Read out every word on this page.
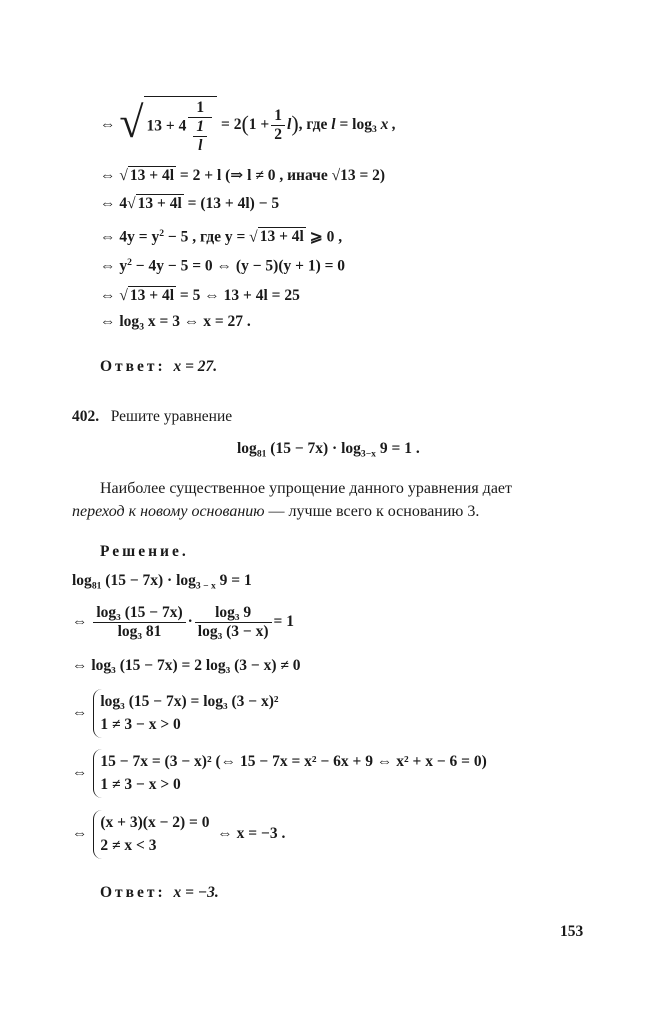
⇔ √ $13 + 4 \frac{1}{\frac{1}{l}} = 2(1 + \frac{1}{2} l)$, где $l = \log_3 x$ ,
⇔ √ 13 + 4l = 2 + l (⇒ l ≠ 0 , иначе √13 = 2)
⇔ 4√ 13 + 4l = (13 + 4l) − 5
⇔ $4y = y^2 - 5$ , где y = √ 13 + 4l ⩾ 0 ,
⇔ $y^2 - 4y - 5 = 0$ ⇔ (y − 5)(y + 1) = 0
⇔ √ 13 + 4l = 5 ⇔ 13 + 4l = 25
⇔ $\log_3 x = 3$ ⇔ x = 27 .
Ответ: x = 27.
402. Решите уравнение
$\log_{81} (15 - 7x) \cdot \log_{3-x} 9 = 1$ .
Наиболее существенное упрощение данного уравнения дает
переход к новому основанию — лучше всего к основанию 3.
Решение.
$\log_{81} (15 - 7x) \cdot \log_{3 - x} 9 = 1$
⇔ $\frac{\text{log₃ (15 − 7x)}}{\text{log₃ 81}} \cdot \frac{\text{log₃ 9}}{\text{log₃ (3 − x)}} = 1$
⇔ log₃ (15 − 7x) = 2 log₃ (3 − x) ≠ 0
⇔
log₃ (15 − 7x) = log₃ (3 − x)²
1 ≠ 3 − x > 0
⇔
15 − 7x = (3 − x)² (⇔ 15 − 7x = x² − 6x + 9 ⇔ x² + x − 6 = 0)
1 ≠ 3 − x > 0
⇔
(x + 3)(x − 2) = 0
2 ≠ x < 3
⇔ x = −3 .
Ответ: x = −3.
153
